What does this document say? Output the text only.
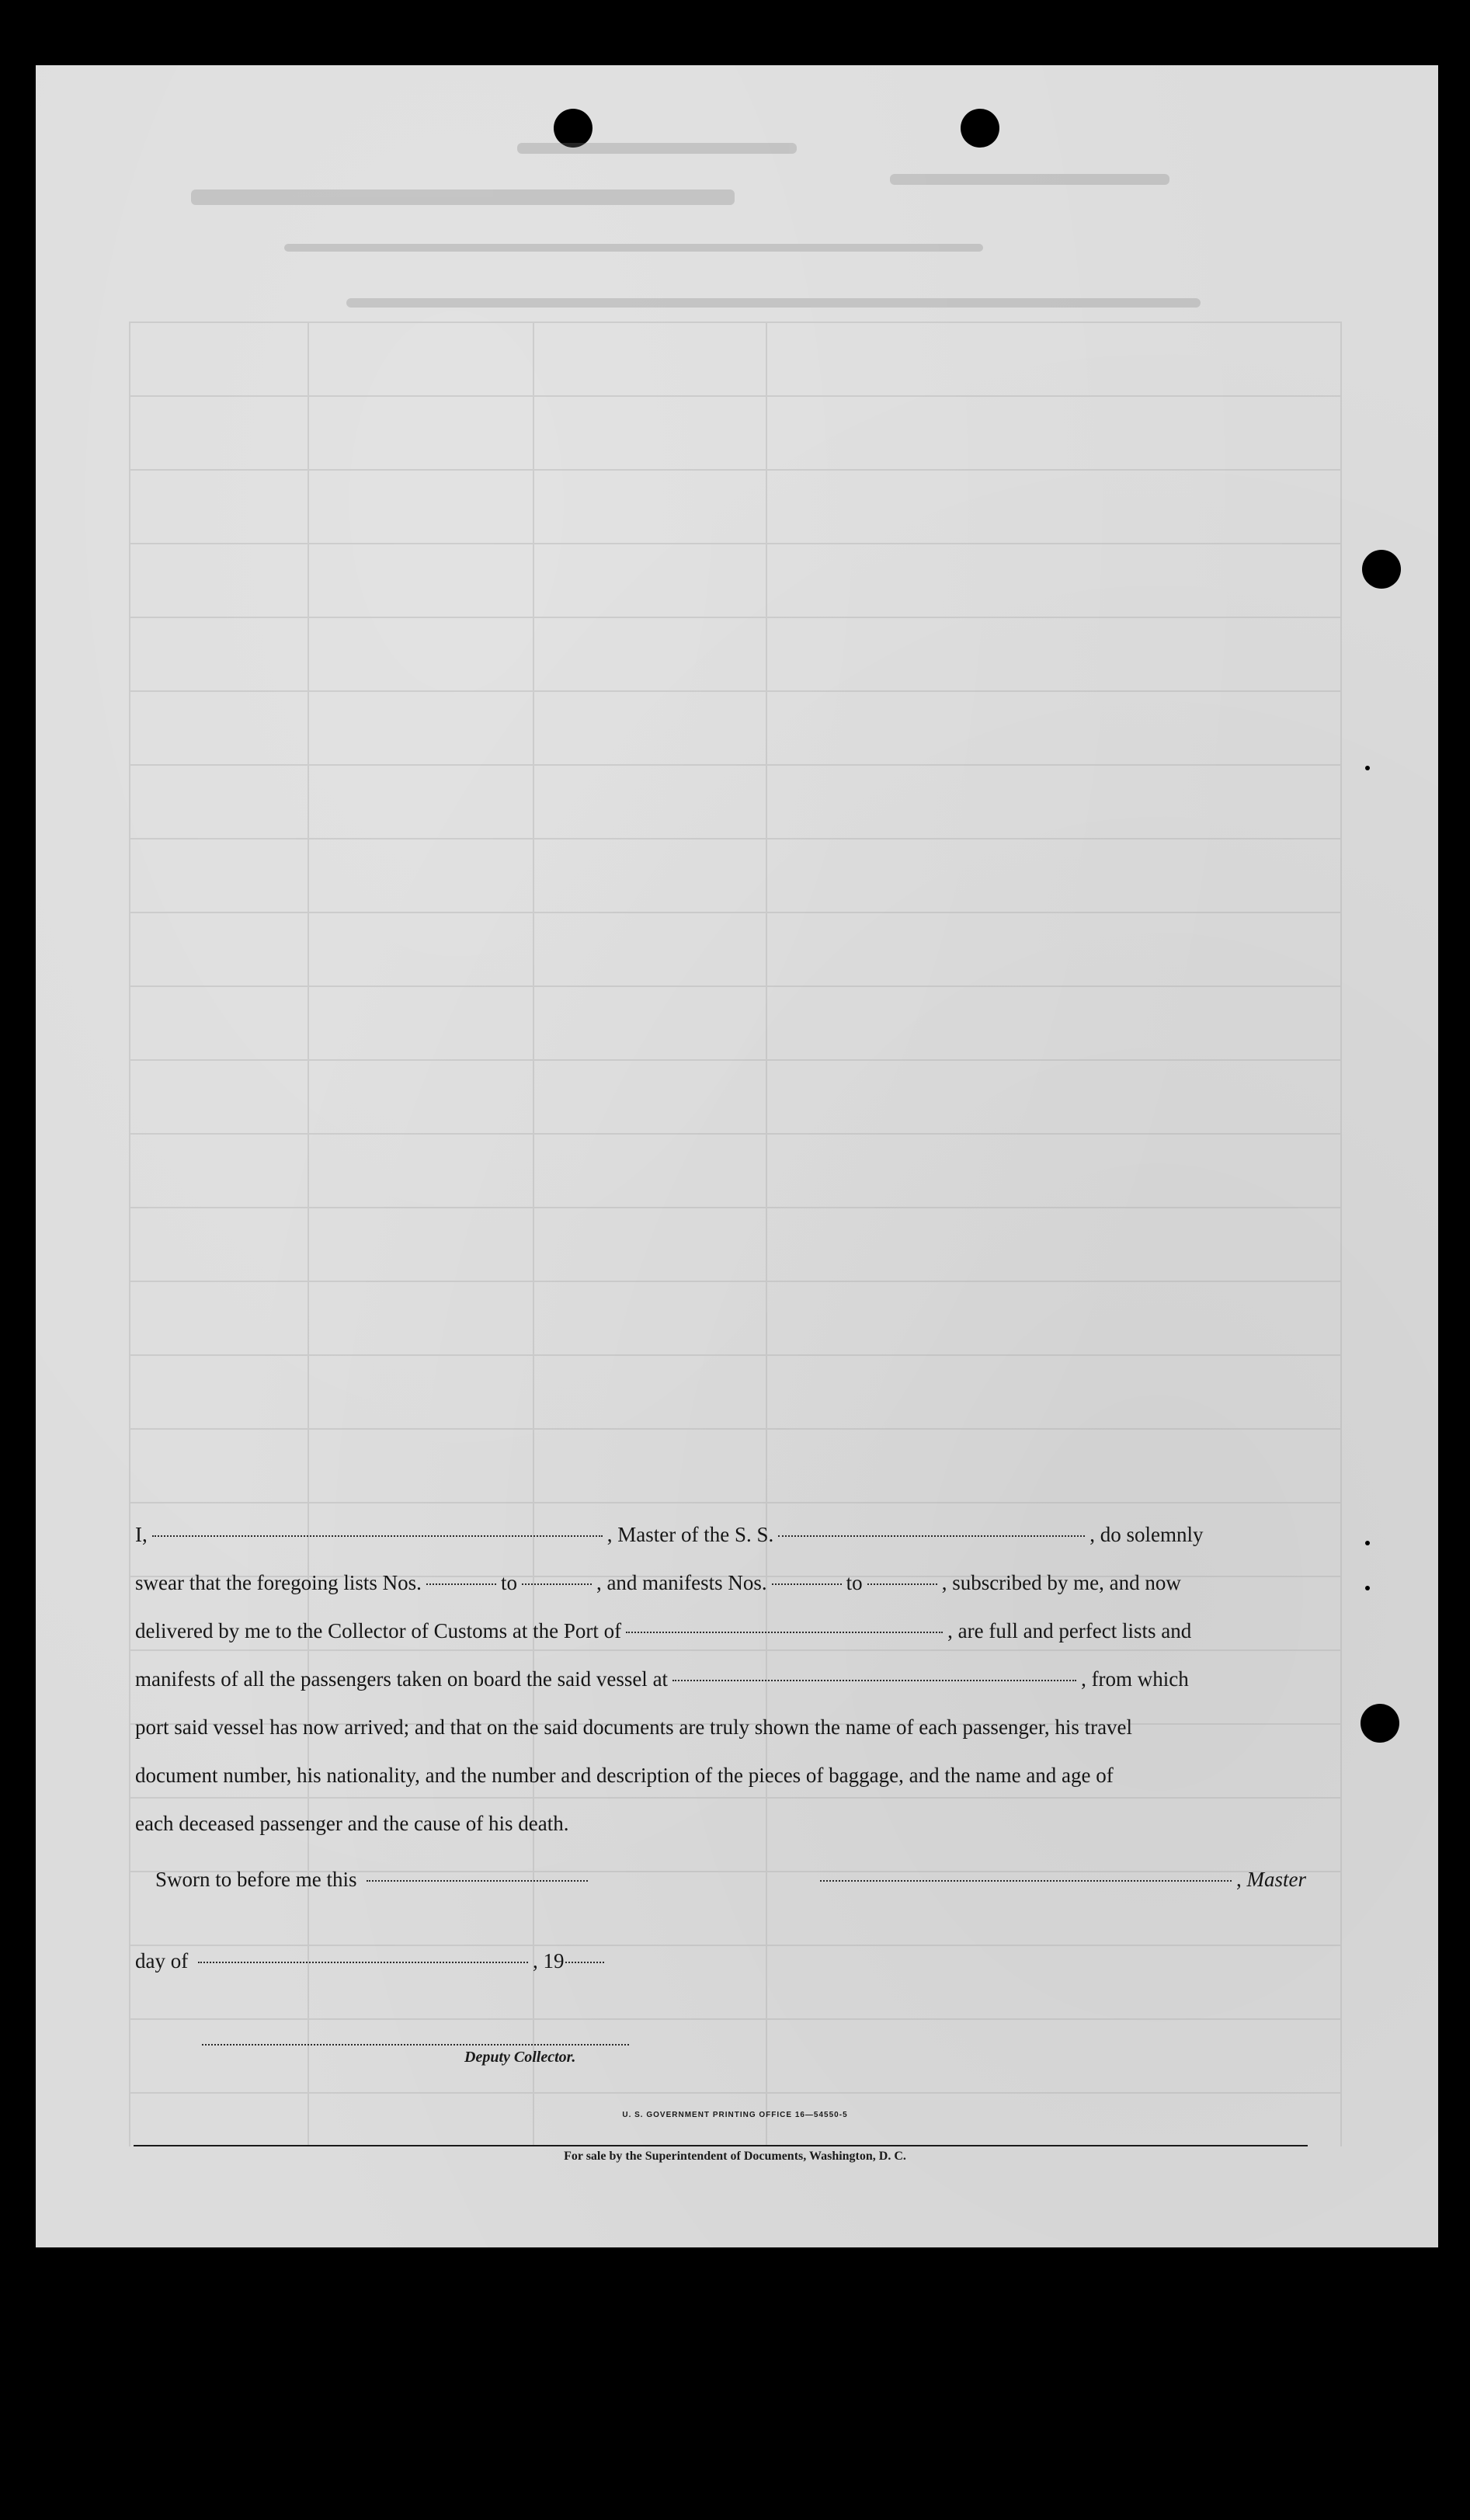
I,	, Master of the S. S.	, do solemnly
swear that the foregoing lists Nos.	to	, and manifests Nos.	to	, subscribed by me, and now
delivered by me to the Collector of Customs at the Port of	, are full and perfect lists and
manifests of all the passengers taken on board the said vessel at	, from which
port said vessel has now arrived; and that on the said documents are truly shown the name of each passenger, his travel
document number, his nationality, and the number and description of the pieces of baggage, and the name and age of
each deceased passenger and the cause of his death.
Sworn to before me this	, Master
day of	, 19
Deputy Collector.
U. S. GOVERNMENT PRINTING OFFICE 16—54550-5
For sale by the Superintendent of Documents, Washington, D. C.
